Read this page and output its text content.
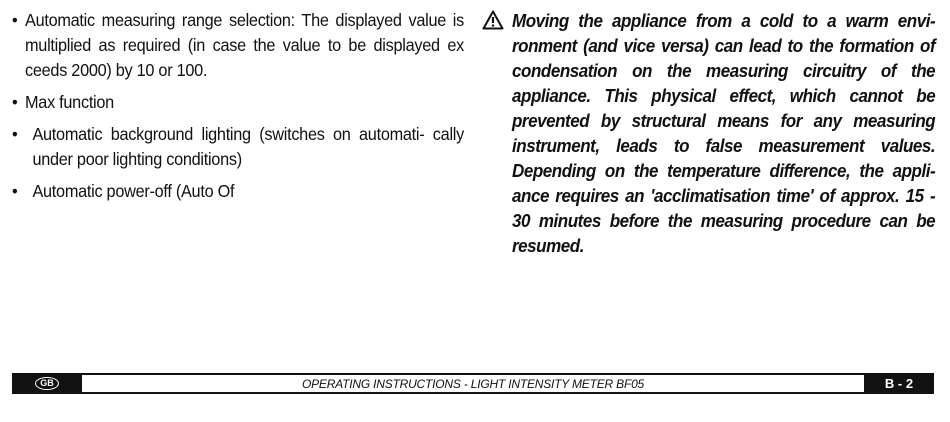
• Automatic measuring range selection: The displayed value is multiplied as required (in case the value to be displayed ex ceeds 2000) by 10 or 100.
• Max function
• Automatic background lighting (switches on automati- cally under poor lighting conditions)
• Automatic power-off (Auto Of
Moving the appliance from a cold to a warm envi- ronment (and vice versa) can lead to the formation of condensation on the measuring circuitry of the appliance. This physical effect, which cannot be prevented by structural means for any measuring instrument, leads to false measurement values. Depending on the temperature difference, the appli- ance requires an 'acclimatisation time' of approx. 15 - 30 minutes before the measuring procedure can be resumed.
GB	OPERATING INSTRUCTIONS - LIGHT INTENSITY METER BF05	B - 2
